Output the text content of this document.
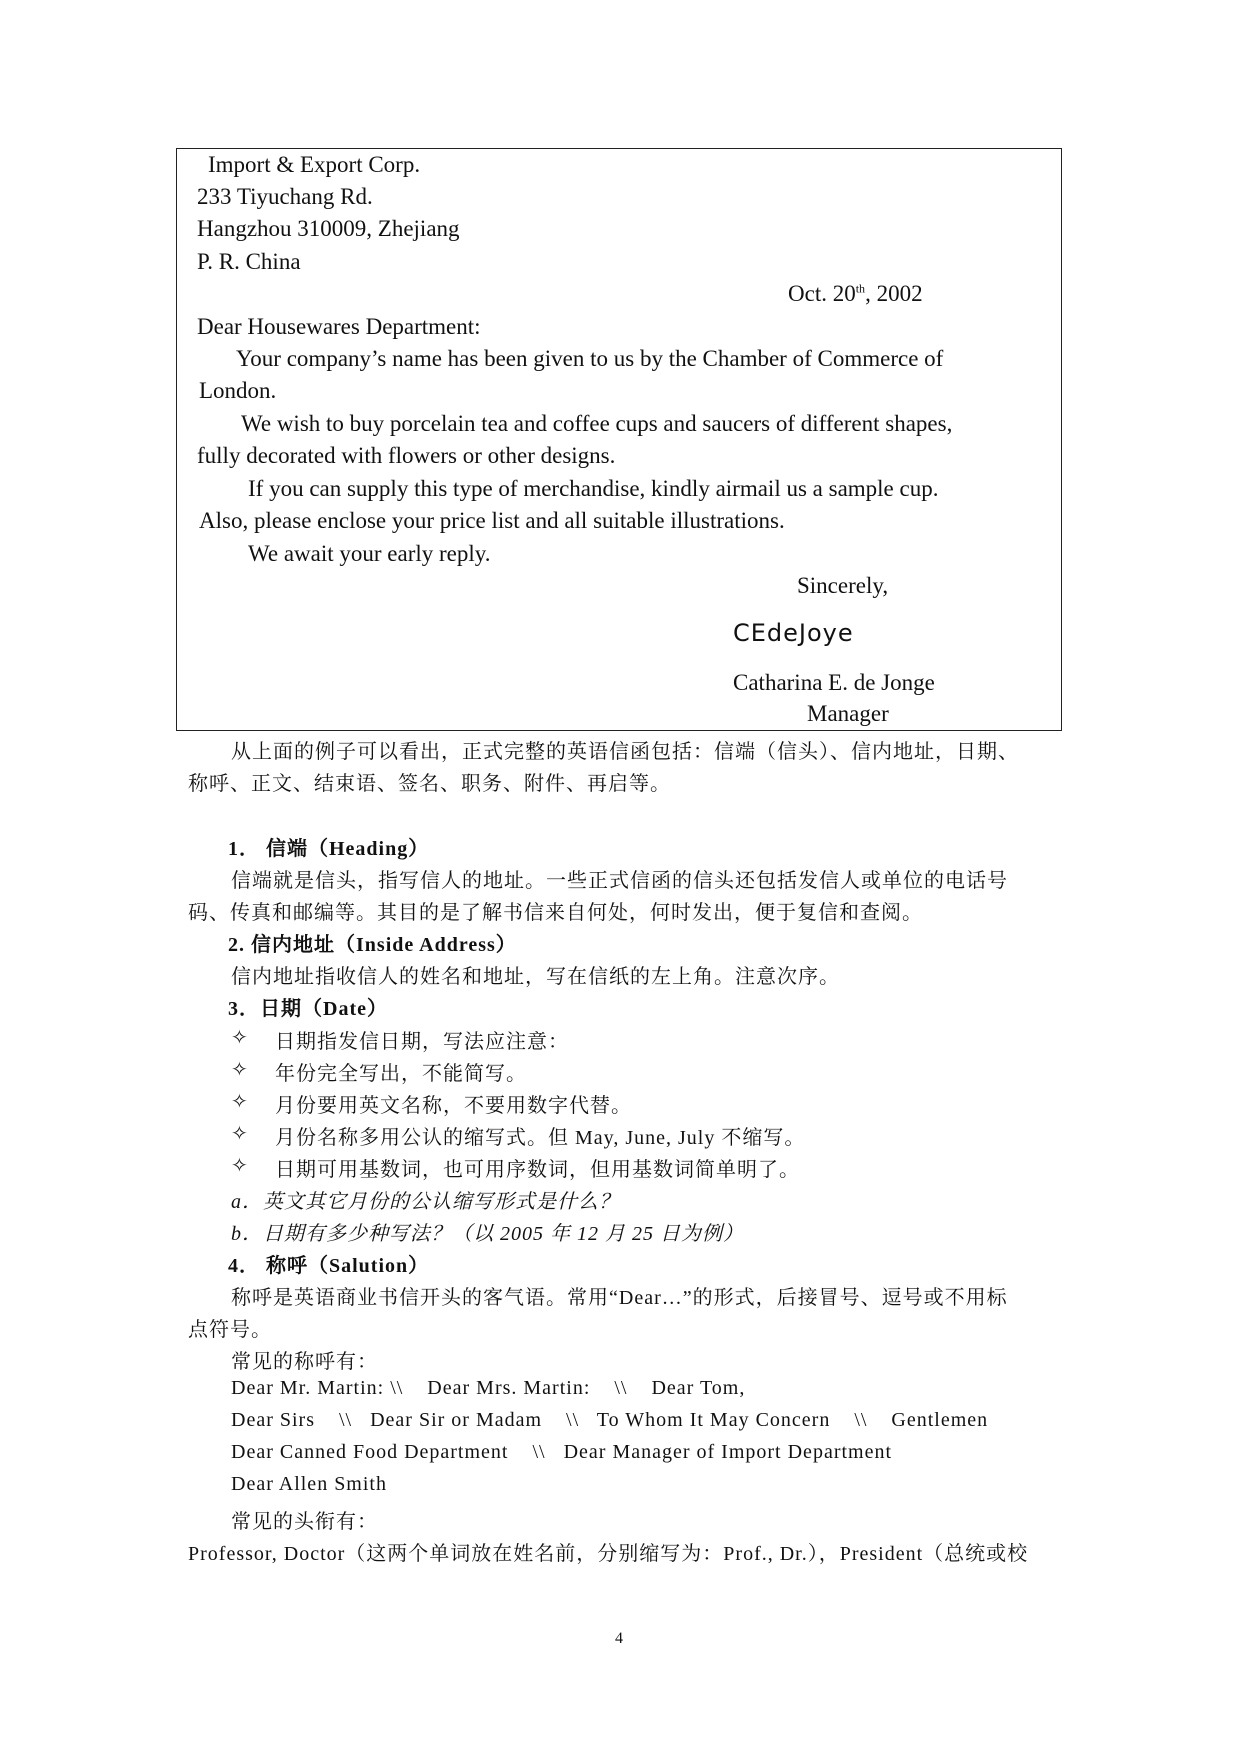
Import & Export Corp.
233 Tiyuchang Rd.
Hangzhou 310009, Zhejiang
P. R. China
Oct. 20th, 2002
Dear Housewares Department:
Your company’s name has been given to us by the Chamber of Commerce of
London.
We wish to buy porcelain tea and coffee cups and saucers of different shapes,
fully decorated with flowers or other designs.
If you can supply this type of merchandise, kindly airmail us a sample cup.
Also, please enclose your price list and all suitable illustrations.
We await your early reply.
Sincerely,
CEdeJoye
Catharina E. de Jonge
Manager
从上面的例子可以看出，正式完整的英语信函包括：信端（信头）、信内地址，日期、
称呼、正文、结束语、签名、职务、附件、再启等。
1． 信端（Heading）
信端就是信头，指写信人的地址。一些正式信函的信头还包括发信人或单位的电话号
码、传真和邮编等。其目的是了解书信来自何处，何时发出，便于复信和查阅。
2. 信内地址（Inside Address）
信内地址指收信人的姓名和地址，写在信纸的左上角。注意次序。
3．日期（Date）
✧ 日期指发信日期，写法应注意：
✧ 年份完全写出，不能简写。
✧ 月份要用英文名称，不要用数字代替。
✧ 月份名称多用公认的缩写式。但 May, June, July 不缩写。
✧ 日期可用基数词，也可用序数词，但用基数词简单明了。
a．英文其它月份的公认缩写形式是什么？
b．日期有多少种写法？（以 2005 年 12 月 25 日为例）
4． 称呼（Salution）
称呼是英语商业书信开头的客气语。常用“Dear…”的形式，后接冒号、逗号或不用标
点符号。
常见的称呼有：
Dear Mr. Martin: \\    Dear Mrs. Martin:    \\    Dear Tom,
Dear Sirs    \\   Dear Sir or Madam    \\   To Whom It May Concern    \\    Gentlemen
Dear Canned Food Department    \\   Dear Manager of Import Department
Dear Allen Smith
常见的头衔有：
Professor, Doctor（这两个单词放在姓名前，分别缩写为：Prof., Dr.），President（总统或校
4
